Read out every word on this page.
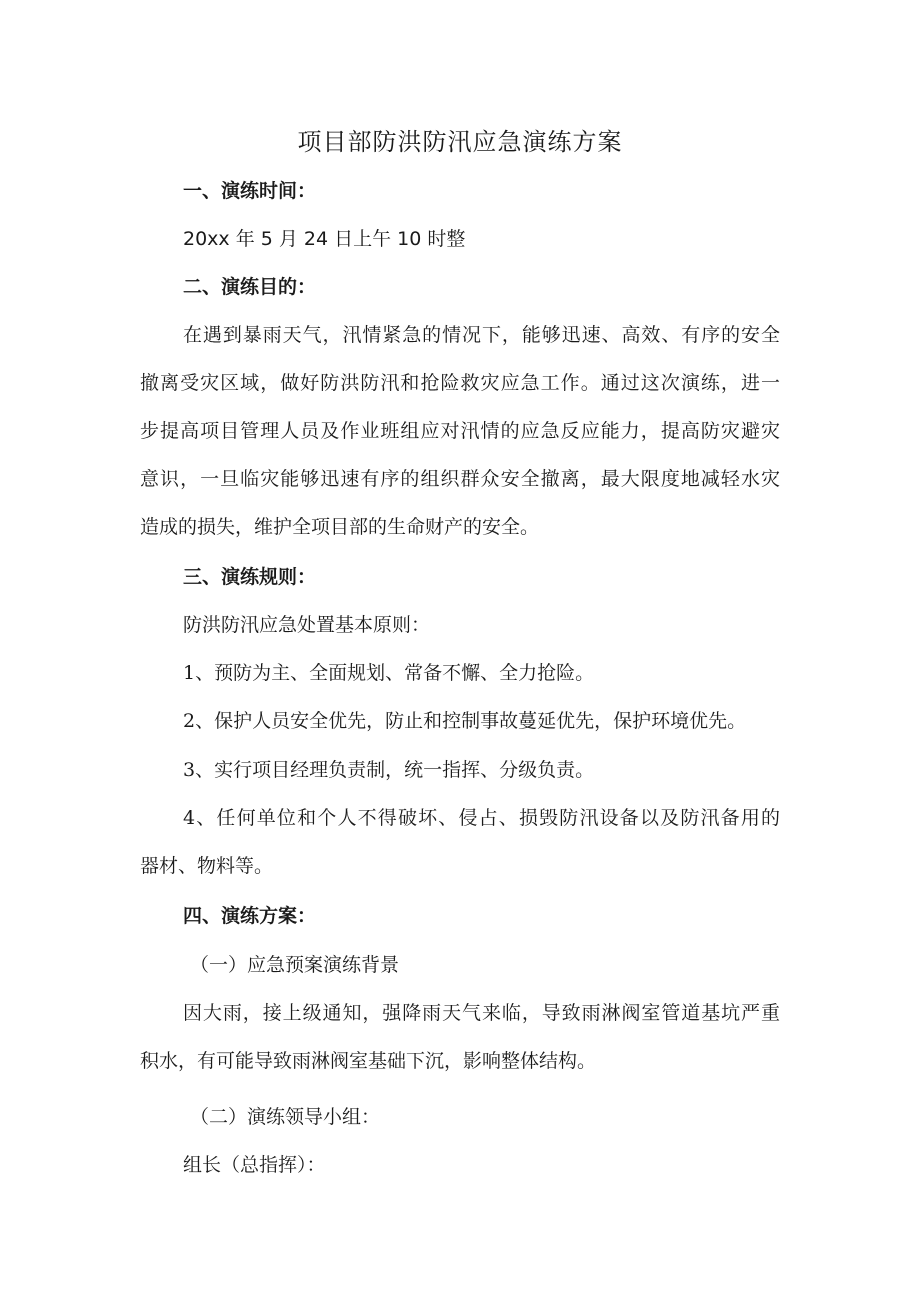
项目部防洪防汛应急演练方案
一、演练时间：
20xx 年 5 月 24 日上午 10 时整
二、演练目的：
在遇到暴雨天气，汛情紧急的情况下，能够迅速、高效、有序的安全
撤离受灾区域，做好防洪防汛和抢险救灾应急工作。通过这次演练，进一
步提高项目管理人员及作业班组应对汛情的应急反应能力，提高防灾避灾
意识，一旦临灾能够迅速有序的组织群众安全撤离，最大限度地减轻水灾
造成的损失，维护全项目部的生命财产的安全。
三、演练规则：
防洪防汛应急处置基本原则：
1、预防为主、全面规划、常备不懈、全力抢险。
2、保护人员安全优先，防止和控制事故蔓延优先，保护环境优先。
3、实行项目经理负责制，统一指挥、分级负责。
4、任何单位和个人不得破坏、侵占、损毁防汛设备以及防汛备用的
器材、物料等。
四、演练方案：
（一）应急预案演练背景
因大雨，接上级通知，强降雨天气来临，导致雨淋阀室管道基坑严重
积水，有可能导致雨淋阀室基础下沉，影响整体结构。
（二）演练领导小组：
组长（总指挥）：
